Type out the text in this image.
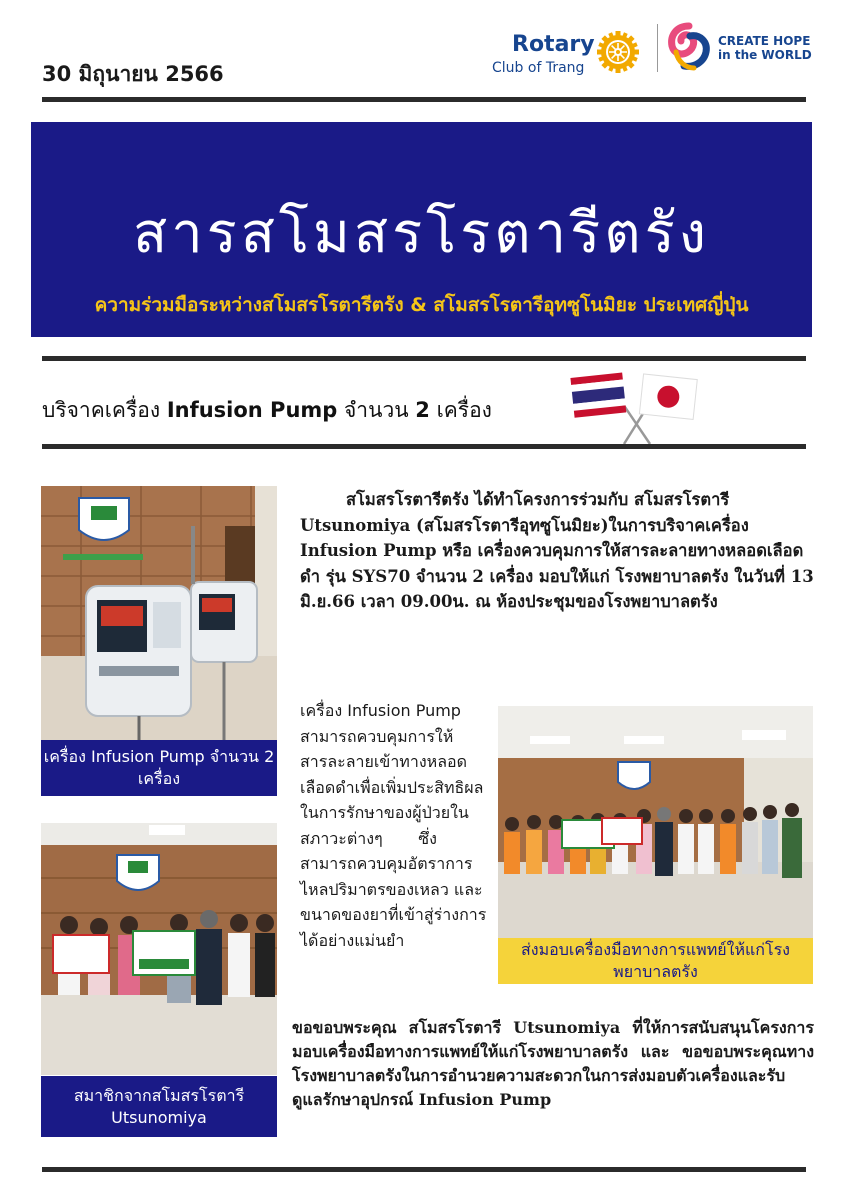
30 มิถุนายน 2566
Rotary
Club of Trang
CREATE HOPE
in the WORLD
สารสโมสรโรตารีตรัง
ความร่วมมือระหว่างสโมสรโรตารีตรัง & สโมสรโรตารีอุทซูโนมิยะ ประเทศญี่ปุ่น
บริจาคเครื่อง Infusion Pump จำนวน 2 เครื่อง
เครื่อง Infusion Pump จำนวน 2 เครื่อง
สมาชิกจากสโมสรโรตารี Utsunomiya
สโมสรโรตารีตรัง ได้ทำโครงการร่วมกับ สโมสรโรตารี Utsunomiya (สโมสรโรตารีอุทซูโนมิยะ)ในการบริจาคเครื่อง Infusion Pump หรือ เครื่องควบคุมการให้สารละลายทางหลอดเลือดดำ รุ่น SYS70 จำนวน 2 เครื่อง มอบให้แก่ โรงพยาบาลตรัง ในวันที่ 13 มิ.ย.66 เวลา 09.00น. ณ ห้องประชุมของโรงพยาบาลตรัง
เครื่อง Infusion Pump สามารถควบคุมการให้สารละลายเข้าทางหลอดเลือดดำเพื่อเพิ่มประสิทธิผล ในการรักษาของผู้ป่วยในสภาวะต่างๆ       ซึ่งสามารถควบคุมอัตราการไหลปริมาตรของเหลว และขนาดของยาที่เข้าสู่ร่างการได้อย่างแม่นยำ	ส่งมอบเครื่องมือทางการแพทย์ให้แก่โรงพยาบาลตรัง
ขอขอบพระคุณ สโมสรโรตารี Utsunomiya ที่ให้การสนับสนุนโครงการมอบเครื่องมือทางการแพทย์ให้แก่โรงพยาบาลตรัง และ ขอขอบพระคุณทางโรงพยาบาลตรังในการอำนวยความสะดวกในการส่งมอบตัวเครื่องและรับดูแลรักษาอุปกรณ์ Infusion Pump
